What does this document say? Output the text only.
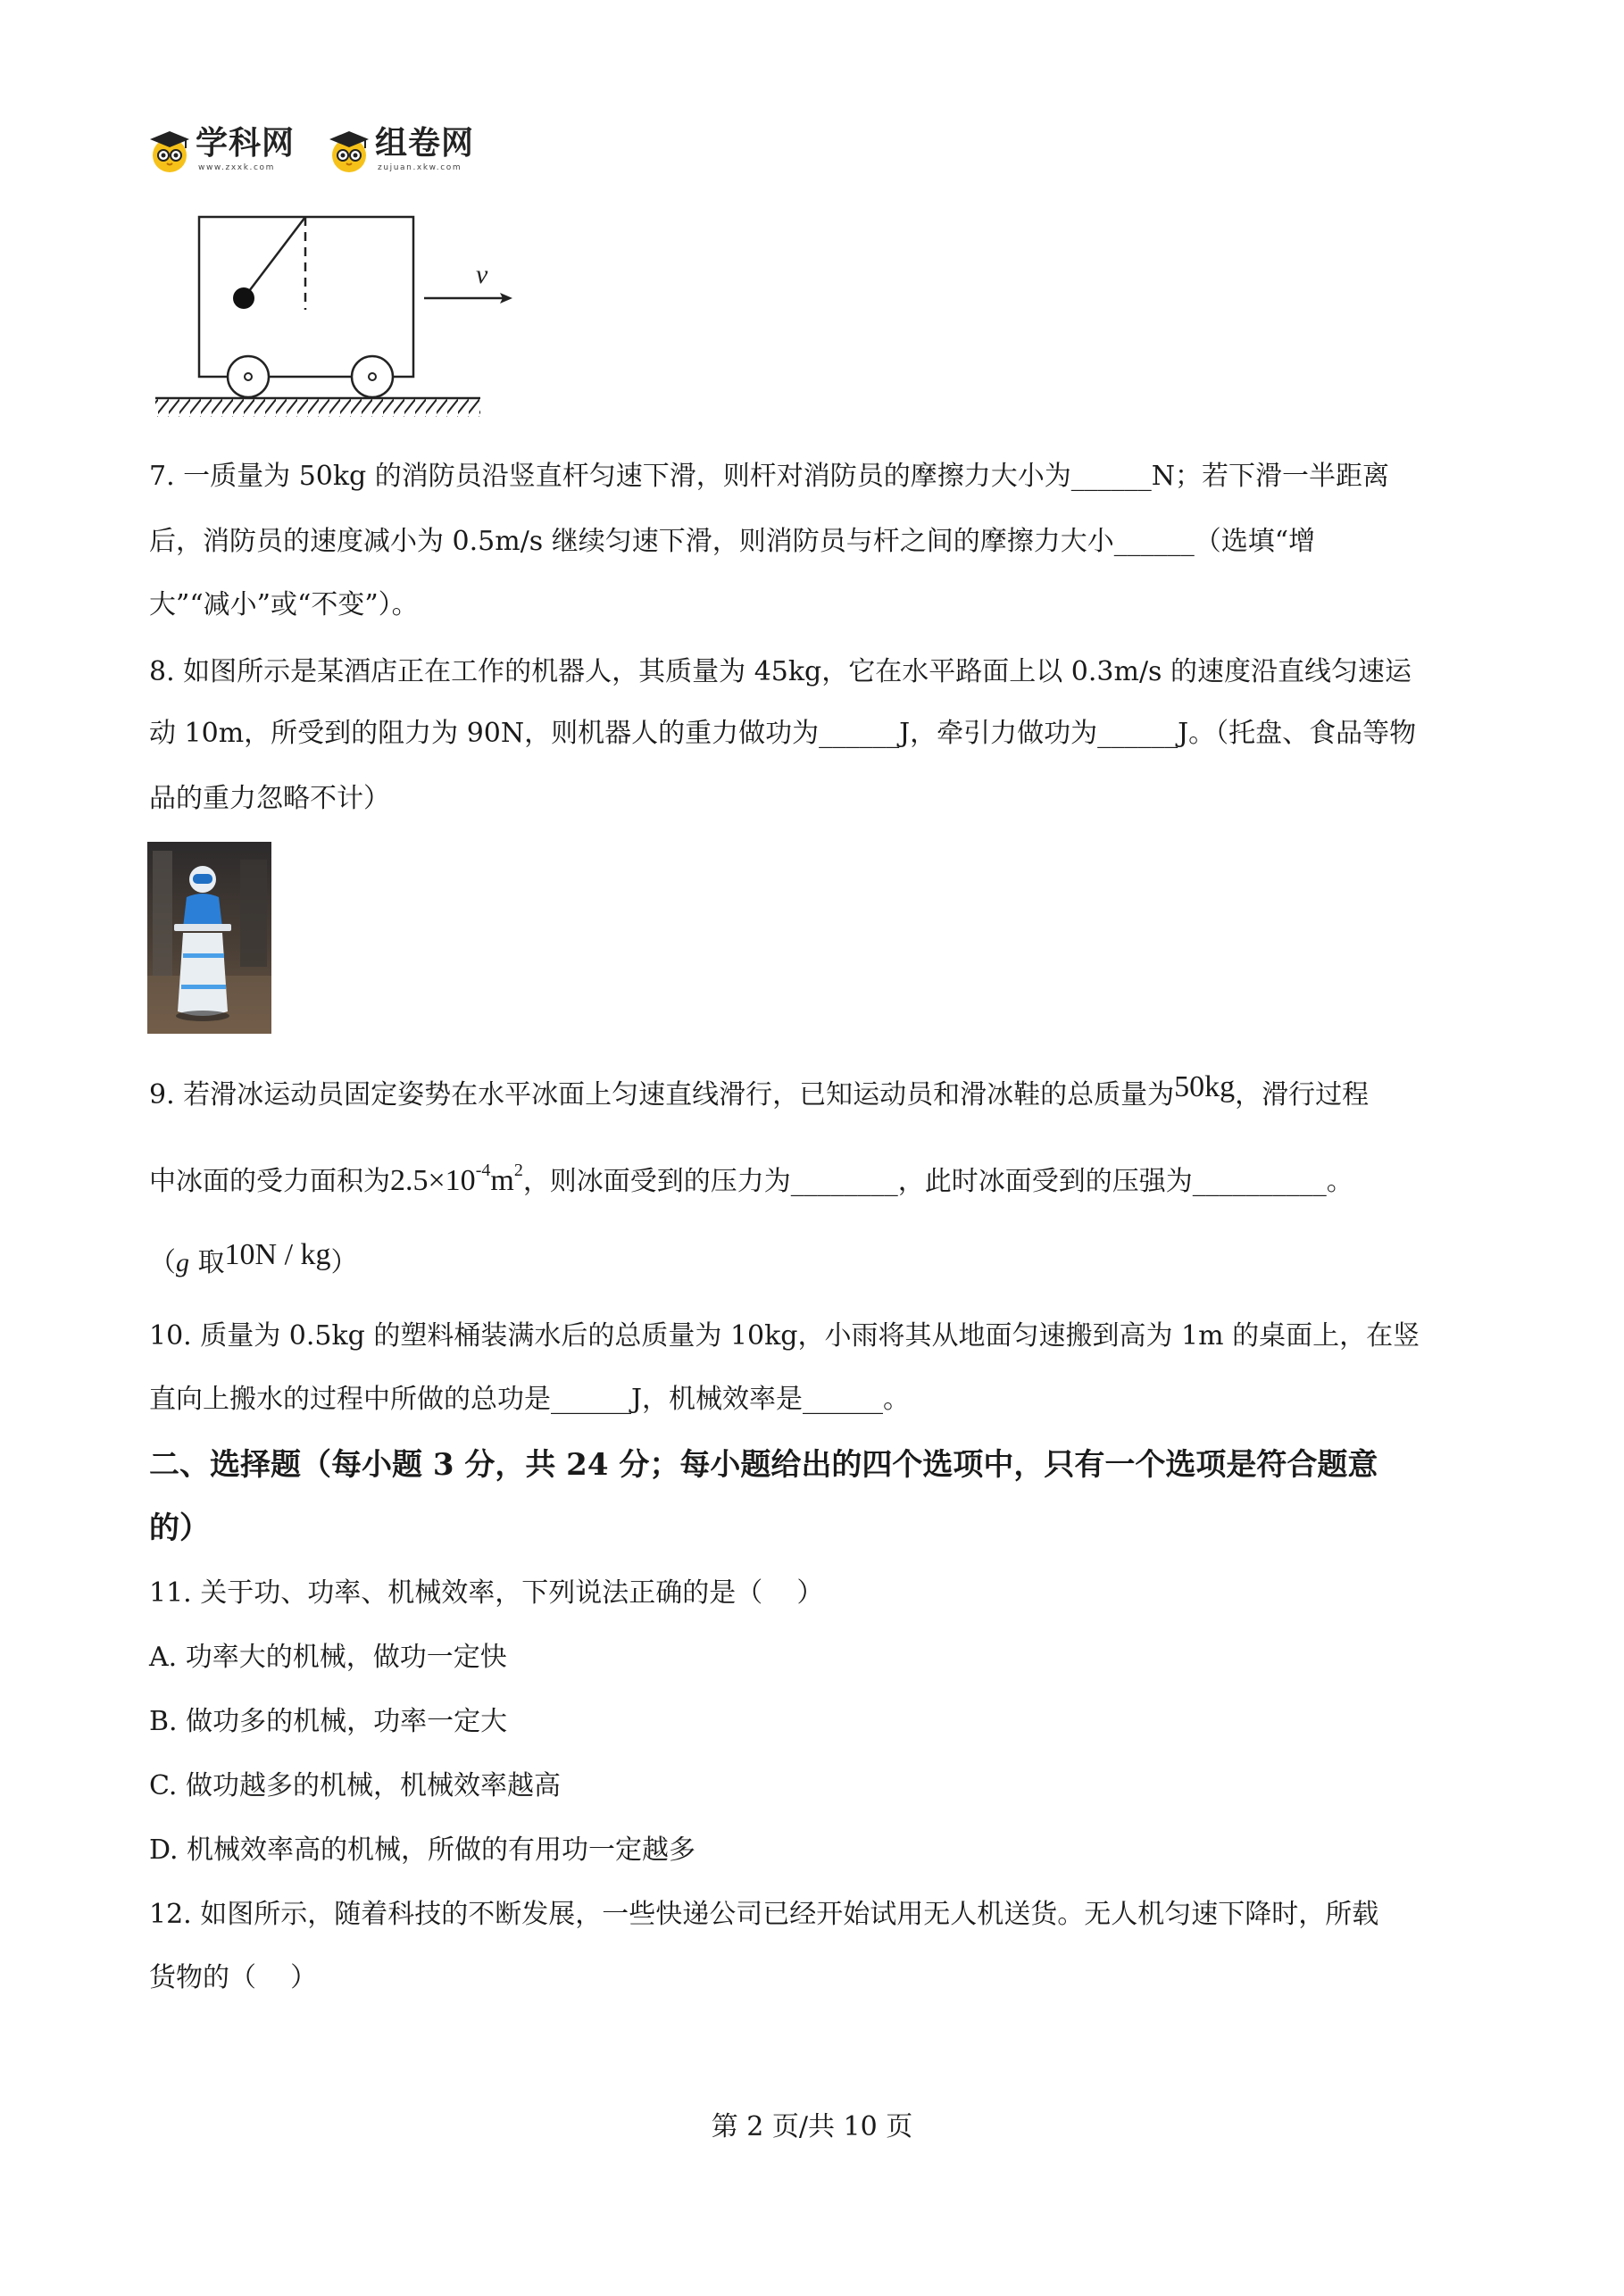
学科网
www.zxxk.com
组卷网
zujuan.xkw.com
v
7. 一质量为 50kg 的消防员沿竖直杆匀速下滑，则杆对消防员的摩擦力大小为______N；若下滑一半距离
后，消防员的速度减小为 0.5m/s 继续匀速下滑，则消防员与杆之间的摩擦力大小______（选填“增
大”“减小”或“不变”）。
8. 如图所示是某酒店正在工作的机器人，其质量为 45kg，它在水平路面上以 0.3m/s 的速度沿直线匀速运
动 10m，所受到的阻力为 90N，则机器人的重力做功为______J，牵引力做功为______J。（托盘、食品等物
品的重力忽略不计）
9. 若滑冰运动员固定姿势在水平冰面上匀速直线滑行，已知运动员和滑冰鞋的总质量为50kg，滑行过程
中冰面的受力面积为$2.5\times 10^{-4}m^2$，则冰面受到的压力为________，此时冰面受到的压强为__________。
（g 取10N / kg）
10. 质量为 0.5kg 的塑料桶装满水后的总质量为 10kg，小雨将其从地面匀速搬到高为 1m 的桌面上，在竖
直向上搬水的过程中所做的总功是______J，机械效率是______。
二、选择题（每小题 3 分，共 24 分；每小题给出的四个选项中，只有一个选项是符合题意
的）
11. 关于功、功率、机械效率，下列说法正确的是（    ）
A. 功率大的机械，做功一定快
B. 做功多的机械，功率一定大
C. 做功越多的机械，机械效率越高
D. 机械效率高的机械，所做的有用功一定越多
12. 如图所示，随着科技的不断发展，一些快递公司已经开始试用无人机送货。无人机匀速下降时，所载
货物的（    ）
第 2 页/共 10 页
